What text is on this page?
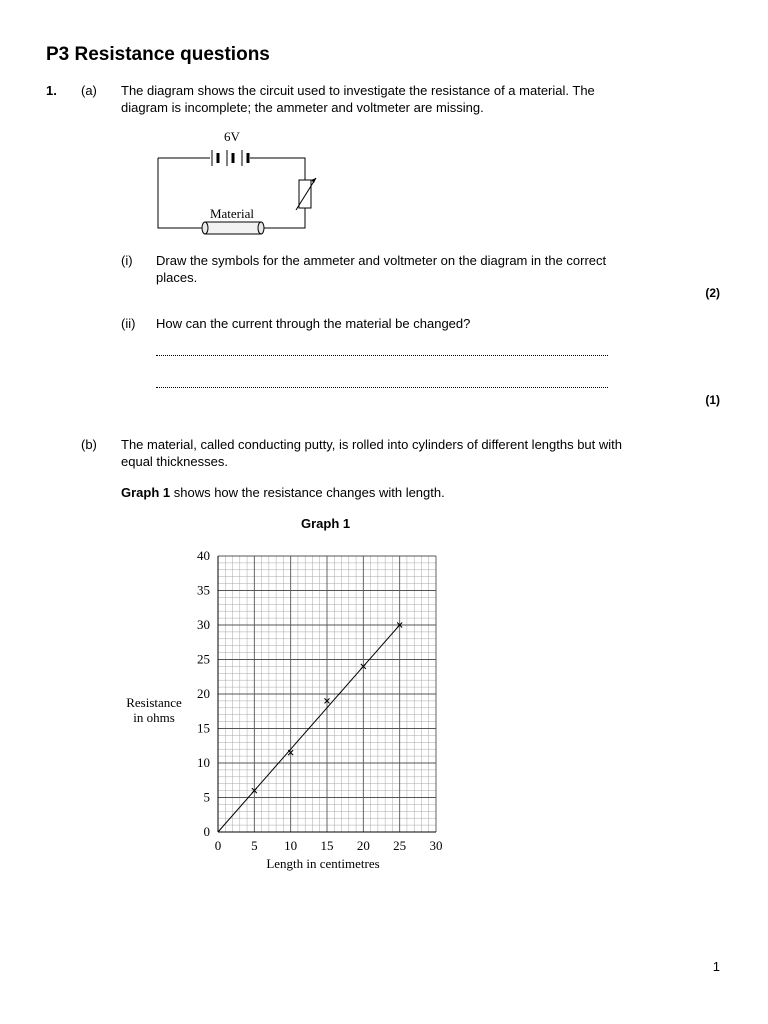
P3 Resistance questions
1. (a) The diagram shows the circuit used to investigate the resistance of a material. The
diagram is incomplete; the ammeter and voltmeter are missing.
6V
Material
(i) Draw the symbols for the ammeter and voltmeter on the diagram in the correct
places.
(2)
(ii) How can the current through the material be changed?
(1)
(b) The material, called conducting putty, is rolled into cylinders of different lengths but with
equal thicknesses.
Graph 1 shows how the resistance changes with length.
Graph 1
0 5 10 15 20 25 30
0
5
10
15
20
25
30
35
40
Resistance
in ohms
Length in centimetres
1
